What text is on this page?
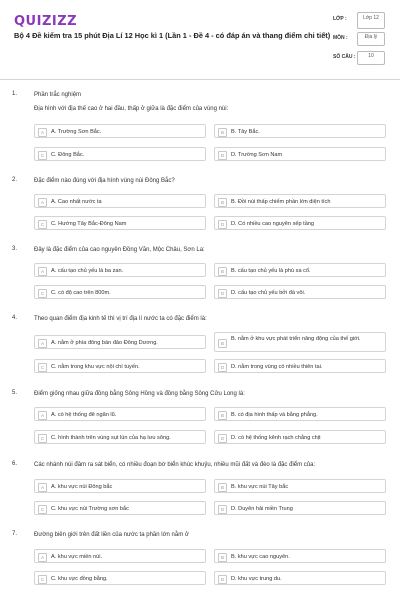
QUIZIZZ
Bộ 4 Đề kiểm tra 15 phút Địa Lí 12 Học kì 1 (Lần 1 - Đề 4 - có đáp án và thang điểm chi tiết)
LỚP :	Lớp 12
MÔN :	Địa lý
SỐ CÂU :	10
1.	Phần trắc nghiệm
Địa hình với địa thế cao ở hai đầu, thấp ở giữa là đặc điểm của vùng núi:
A	A. Trường Sơn Bắc.	B	B. Tây Bắc.
C	C. Đông Bắc.	D	D. Trường Sơn Nam
2.	Đặc điểm nào đúng với địa hình vùng núi Đông Bắc?
A	A. Cao nhất nước ta	B	B. Đồi núi thấp chiếm phần lớn diện tích
C	C. Hướng Tây Bắc-Đông Nam	D	D. Có nhiều cao nguyên xếp tầng
3.	Đây là đặc điểm của cao nguyên Đồng Văn, Mộc Châu, Sơn La:
A	A. cấu tạo chủ yếu là ba zan.	B	B. cấu tạo chủ yếu là phù sa cổ.
C	C. có độ cao trên 800m.	D	D. cấu tạo chủ yếu bởi đá vôi.
4.	Theo quan điểm địa kinh tế thì vị trí địa lí nước ta có đặc điểm là:
A	A. nằm ở phía đông bán đảo Đông Dương.	B
B. nằm ở khu vực phát triển năng động của thế giới.
C	C. nằm trong khu vực nội chí tuyến.	D	D. nằm trong vùng có nhiều thiên tai.
5.	Điểm giống nhau giữa đồng bằng Sông Hồng và đồng bằng Sông Cửu Long là:
A	A. có hệ thống đê ngăn lũ.	B	B. có địa hình thấp và bằng phẳng.
C	C. hình thành trên vùng sụt lún của hạ lưu sông.	D	D. có hệ thống kênh rạch chằng chịt
6.	Các nhánh núi đâm ra sát biển, có nhiều đoạn bờ biển khúc khuỷu, nhiều mũi đất và đèo là đặc điểm của:
A	A. khu vực núi Đông bắc	B	B. khu vực núi Tây bắc
C	C. khu vực núi Trường sơn bắc	D	D. Duyên hải miền Trung
7.	Đường biên giới trên đất liền của nước ta phần lớn nằm ở
A	A. khu vực miền núi.	B	B. khu vực cao nguyên.
C	C. khu vực đồng bằng.	D	D. khu vực trung du.
